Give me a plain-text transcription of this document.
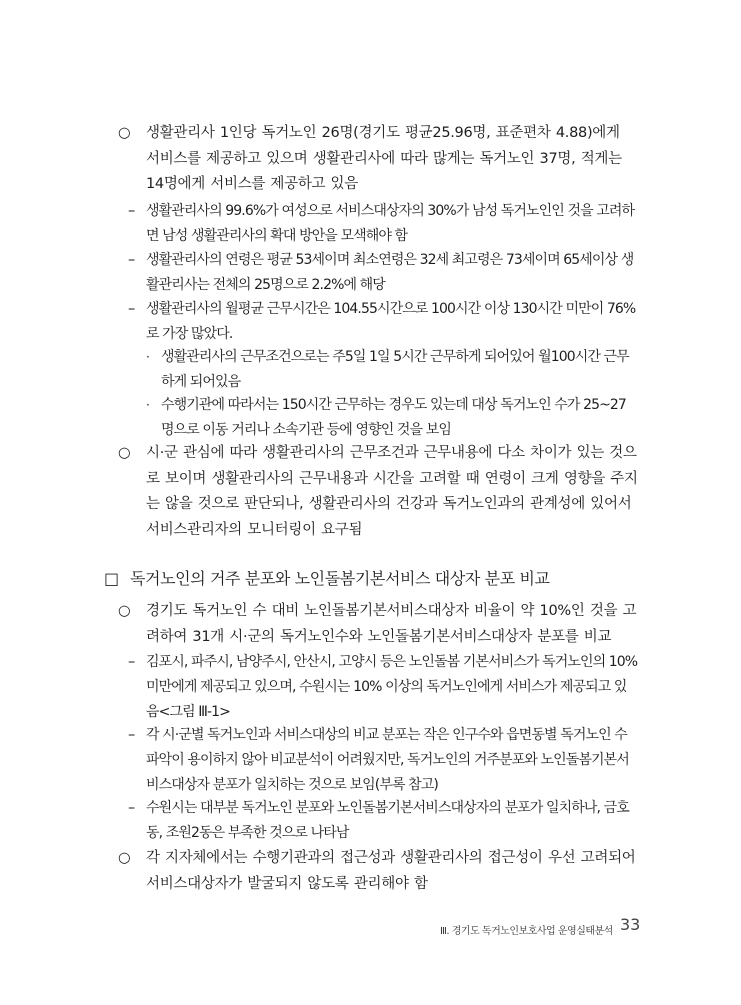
○ 생활관리사 1인당 독거노인 26명(경기도 평균25.96명, 표준편차 4.88)에게 서비스를 제공하고 있으며 생활관리사에 따라 많게는 독거노인 37명, 적게는 14명에게 서비스를 제공하고 있음
– 생활관리사의 99.6%가 여성으로 서비스대상자의 30%가 남성 독거노인인 것을 고려하면 남성 생활관리사의 확대 방안을 모색해야 함
– 생활관리사의 연령은 평균 53세이며 최소연령은 32세 최고령은 73세이며 65세이상 생활관리사는 전체의 25명으로 2.2%에 해당
– 생활관리사의 월평균 근무시간은 104.55시간으로 100시간 이상 130시간 미만이 76%로 가장 많았다.
· 생활관리사의 근무조건으로는 주5일 1일 5시간 근무하게 되어있어 월100시간 근무하게 되어있음
· 수행기관에 따라서는 150시간 근무하는 경우도 있는데 대상 독거노인 수가 25~27명으로 이동 거리나 소속기관 등에 영향인 것을 보임
○ 시·군 관심에 따라 생활관리사의 근무조건과 근무내용에 다소 차이가 있는 것으로 보이며 생활관리사의 근무내용과 시간을 고려할 때 연령이 크게 영향을 주지는 않을 것으로 판단되나, 생활관리사의 건강과 독거노인과의 관계성에 있어서 서비스관리자의 모니터링이 요구됨
□ 독거노인의 거주 분포와 노인돌봄기본서비스 대상자 분포 비교
○ 경기도 독거노인 수 대비 노인돌봄기본서비스대상자 비율이 약 10%인 것을 고려하여 31개 시·군의 독거노인수와 노인돌봄기본서비스대상자 분포를 비교
– 김포시, 파주시, 남양주시, 안산시, 고양시 등은 노인돌봄 기본서비스가 독거노인의 10% 미만에게 제공되고 있으며, 수원시는 10% 이상의 독거노인에게 서비스가 제공되고 있음<그림 Ⅲ-1>
– 각 시·군별 독거노인과 서비스대상의 비교 분포는 작은 인구수와 읍면동별 독거노인 수 파악이 용이하지 않아 비교분석이 어려웠지만, 독거노인의 거주분포와 노인돌봄기본서비스대상자 분포가 일치하는 것으로 보임(부록 참고)
– 수원시는 대부분 독거노인 분포와 노인돌봄기본서비스대상자의 분포가 일치하나, 금호동, 조원2동은 부족한 것으로 나타남
○ 각 지자체에서는 수행기관과의 접근성과 생활관리사의 접근성이 우선 고려되어 서비스대상자가 발굴되지 않도록 관리해야 함
Ⅲ. 경기도 독거노인보호사업 운영실태분석 33
